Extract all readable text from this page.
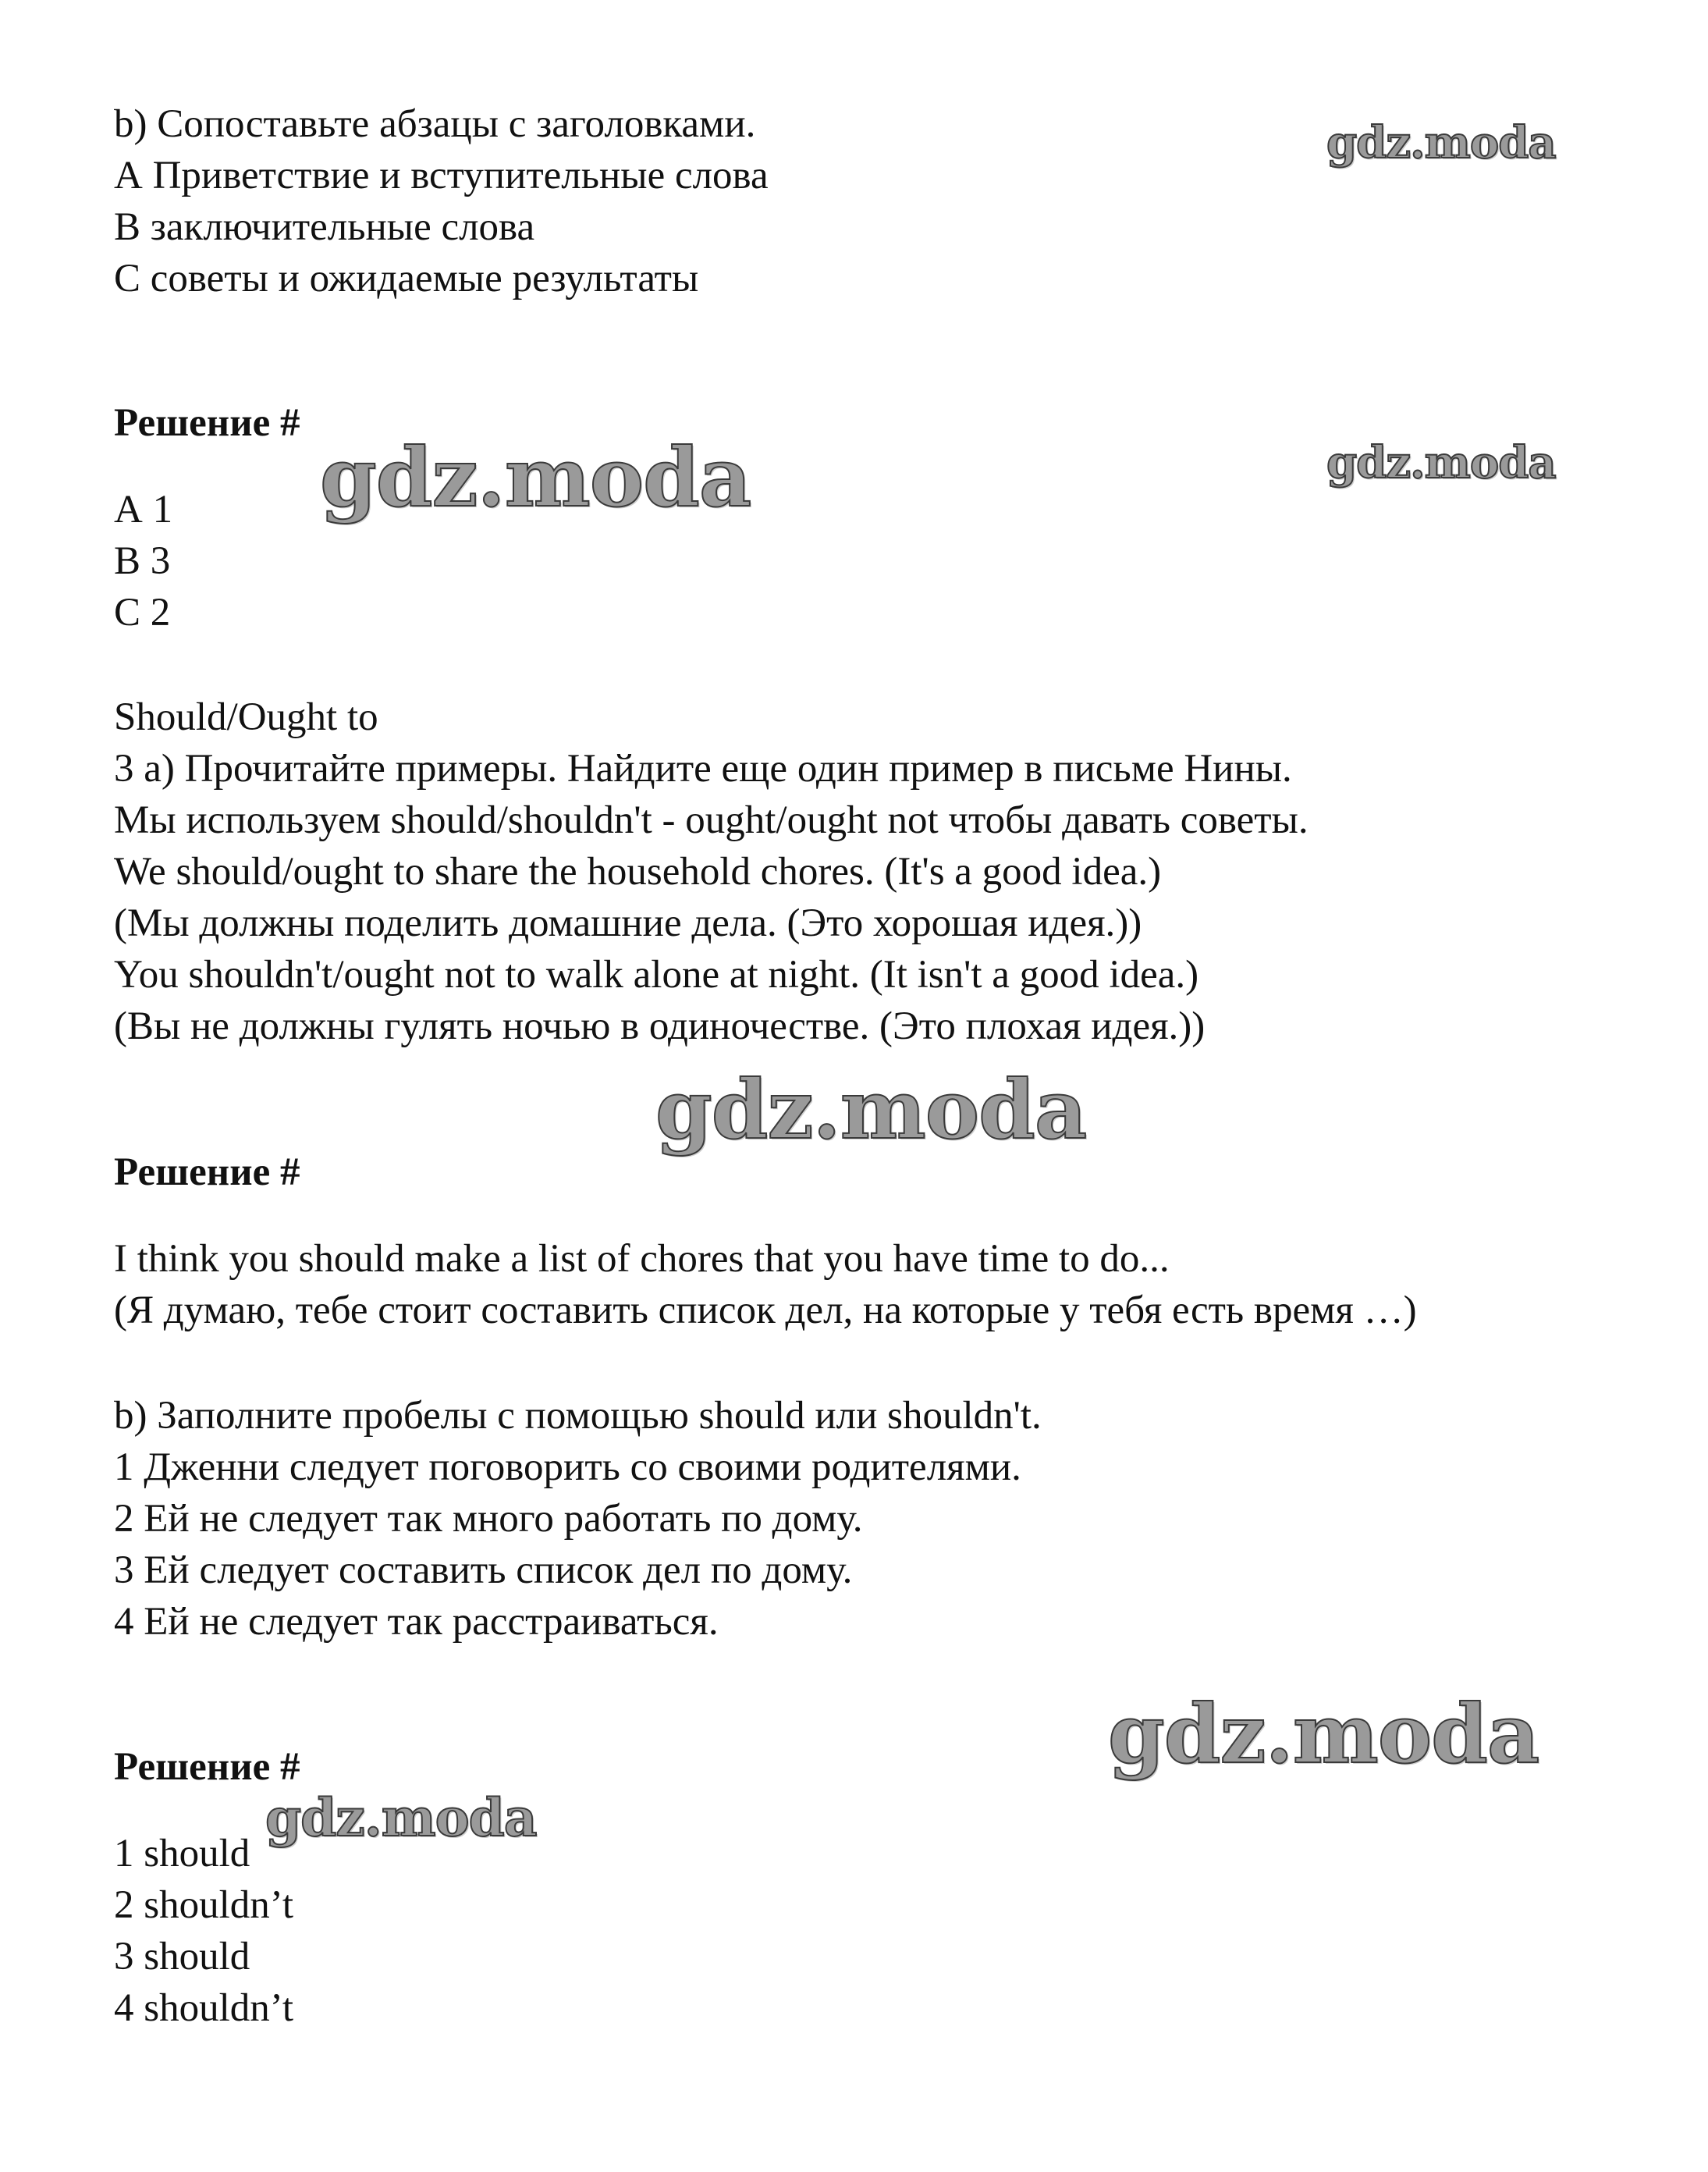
b) Сопоставьте абзацы с заголовками.
А Приветствие и вступительные слова
В заключительные слова
С советы и ожидаемые результаты
Решение #
А 1
В 3
С 2
Should/Ought to
3 а) Прочитайте примеры. Найдите еще один пример в письме Нины.
Мы используем should/shouldn't - ought/ought not чтобы давать советы.
We should/ought to share the household chores. (It's a good idea.)
(Мы должны поделить домашние дела. (Это хорошая идея.))
You shouldn't/ought not to walk alone at night. (It isn't a good idea.)
(Вы не должны гулять ночью в одиночестве. (Это плохая идея.))
Решение #
I think you should make a list of chores that you have time to do...
(Я думаю, тебе стоит составить список дел, на которые у тебя есть время …)
b) Заполните пробелы с помощью should или shouldn't.
1 Дженни следует поговорить со своими родителями.
2 Ей не следует так много работать по дому.
3 Ей следует составить список дел по дому.
4 Ей не следует так расстраиваться.
Решение #
1 should
2 shouldn’t
3 should
4 shouldn’t
gdz.moda
gdz.moda
gdz.moda
gdz.moda
gdz.moda
gdz.moda
